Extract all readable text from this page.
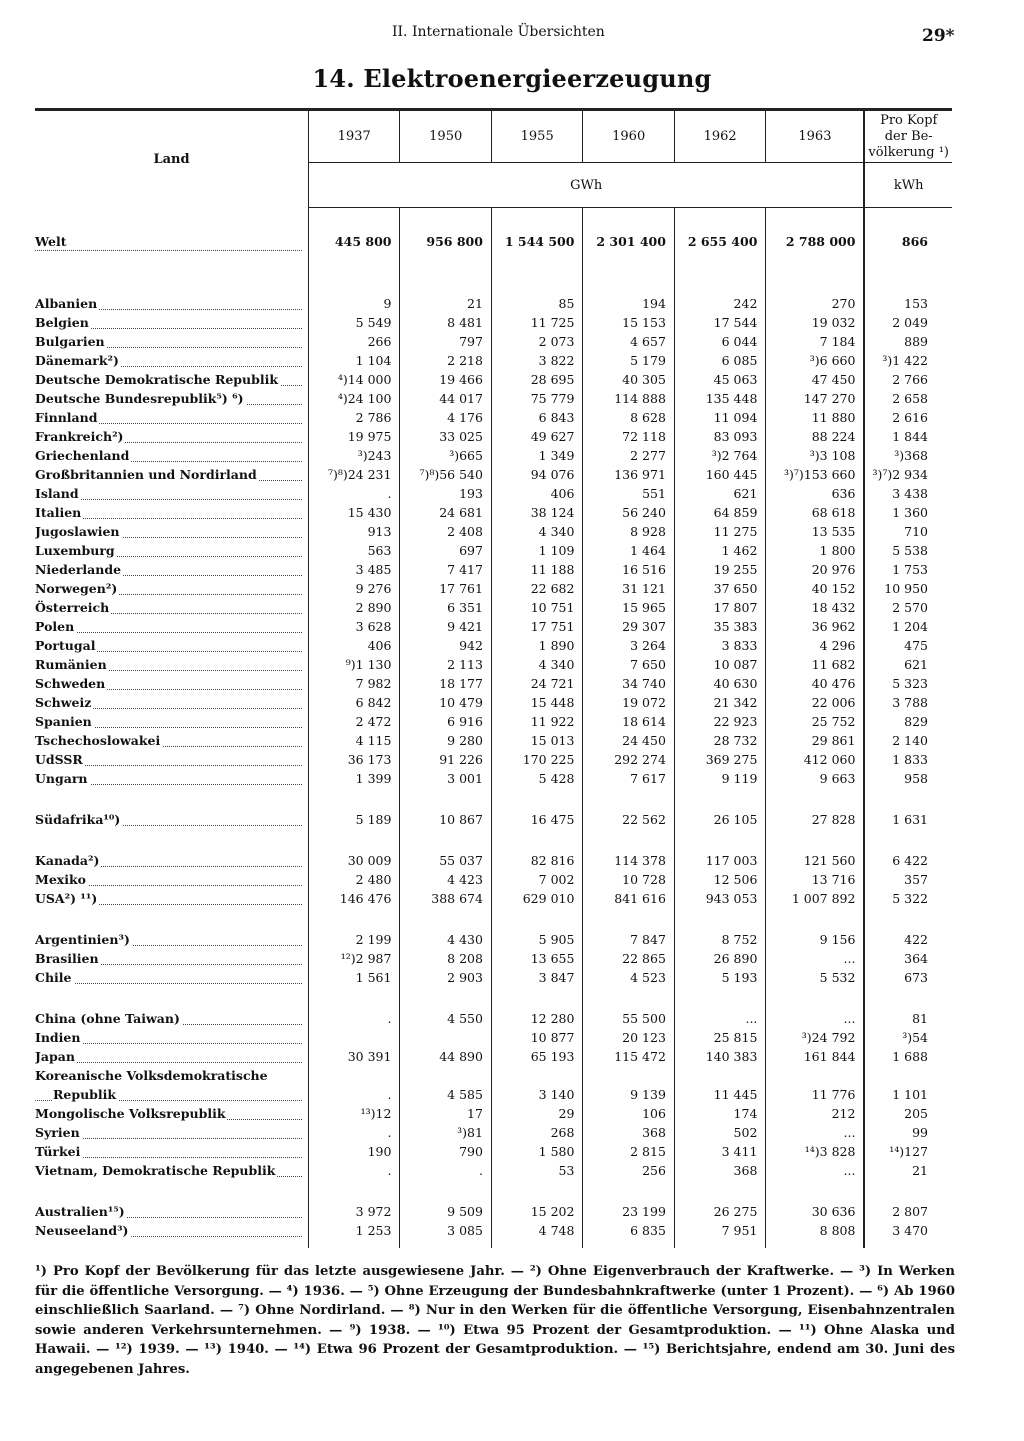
II. Internationale Übersichten	29*
14. Elektroenergieerzeugung
Land	1937	1950	1955	1960	1962	1963	Pro Kopf
der Be-
völkerung ¹)

	GWh						kWh

Welt	445 800	956 800	1 544 500	2 301 400	2 655 400	2 788 000	866

Albanien	9	21	85	194	242	270	153

Belgien	5 549	8 481	11 725	15 153	17 544	19 032	2 049

Bulgarien	266	797	2 073	4 657	6 044	7 184	889

Dänemark²)	1 104	2 218	3 822	5 179	6 085	³)6 660	³)1 422

Deutsche Demokratische Republik	⁴)14 000	19 466	28 695	40 305	45 063	47 450	2 766

Deutsche Bundesrepublik⁵) ⁶)	⁴)24 100	44 017	75 779	114 888	135 448	147 270	2 658

Finnland	2 786	4 176	6 843	8 628	11 094	11 880	2 616

Frankreich²)	19 975	33 025	49 627	72 118	83 093	88 224	1 844

Griechenland	³)243	³)665	1 349	2 277	³)2 764	³)3 108	³)368

Großbritannien und Nordirland	⁷)⁸)24 231	⁷)⁸)56 540	94 076	136 971	160 445	³)⁷)153 660	³)⁷)2 934

Island	.	193	406	551	621	636	3 438

Italien	15 430	24 681	38 124	56 240	64 859	68 618	1 360

Jugoslawien	913	2 408	4 340	8 928	11 275	13 535	710

Luxemburg	563	697	1 109	1 464	1 462	1 800	5 538

Niederlande	3 485	7 417	11 188	16 516	19 255	20 976	1 753

Norwegen²)	9 276	17 761	22 682	31 121	37 650	40 152	10 950

Österreich	2 890	6 351	10 751	15 965	17 807	18 432	2 570

Polen	3 628	9 421	17 751	29 307	35 383	36 962	1 204

Portugal	406	942	1 890	3 264	3 833	4 296	475

Rumänien	⁹)1 130	2 113	4 340	7 650	10 087	11 682	621

Schweden	7 982	18 177	24 721	34 740	40 630	40 476	5 323

Schweiz	6 842	10 479	15 448	19 072	21 342	22 006	3 788

Spanien	2 472	6 916	11 922	18 614	22 923	25 752	829

Tschechoslowakei	4 115	9 280	15 013	24 450	28 732	29 861	2 140

UdSSR	36 173	91 226	170 225	292 274	369 275	412 060	1 833

Ungarn	1 399	3 001	5 428	7 617	9 119	9 663	958

Südafrika¹⁰)	5 189	10 867	16 475	22 562	26 105	27 828	1 631

Kanada²)	30 009	55 037	82 816	114 378	117 003	121 560	6 422

Mexiko	2 480	4 423	7 002	10 728	12 506	13 716	357

USA²) ¹¹)	146 476	388 674	629 010	841 616	943 053	1 007 892	5 322

Argentinien³)	2 199	4 430	5 905	7 847	8 752	9 156	422

Brasilien	¹²)2 987	8 208	13 655	22 865	26 890	...	364

Chile	1 561	2 903	3 847	4 523	5 193	5 532	673

China (ohne Taiwan)	.	4 550	12 280	55 500	...	...	81

Indien			10 877	20 123	25 815	³)24 792	³)54

Japan	30 391	44 890	65 193	115 472	140 383	161 844	1 688
Koreanische Volksdemokratische							

Republik	.	4 585	3 140	9 139	11 445	11 776	1 101

Mongolische Volksrepublik	¹³)12	17	29	106	174	212	205

Syrien	.	³)81	268	368	502	...	99

Türkei	190	790	1 580	2 815	3 411	¹⁴)3 828	¹⁴)127

Vietnam, Demokratische Republik	.	.	53	256	368	...	21

Australien¹⁵)	3 972	9 509	15 202	23 199	26 275	30 636	2 807

Neuseeland³)	1 253	3 085	4 748	6 835	7 951	8 808	3 470

¹) Pro Kopf der Bevölkerung für das letzte ausgewiesene Jahr. — ²) Ohne Eigenverbrauch der Kraftwerke. — ³) In Werken für die öffentliche Versorgung. — ⁴) 1936. — ⁵) Ohne Erzeugung der Bundesbahnkraftwerke (unter 1 Prozent). — ⁶) Ab 1960 einschließlich Saarland. — ⁷) Ohne Nordirland. — ⁸) Nur in den Werken für die öffentliche Versorgung, Eisenbahnzentralen sowie anderen Verkehrsunternehmen. — ⁹) 1938. — ¹⁰) Etwa 95 Prozent der Gesamtproduktion. — ¹¹) Ohne Alaska und Hawaii. — ¹²) 1939. — ¹³) 1940. — ¹⁴) Etwa 96 Prozent der Gesamtproduktion. — ¹⁵) Berichtsjahre, endend am 30. Juni des angegebenen Jahres.
